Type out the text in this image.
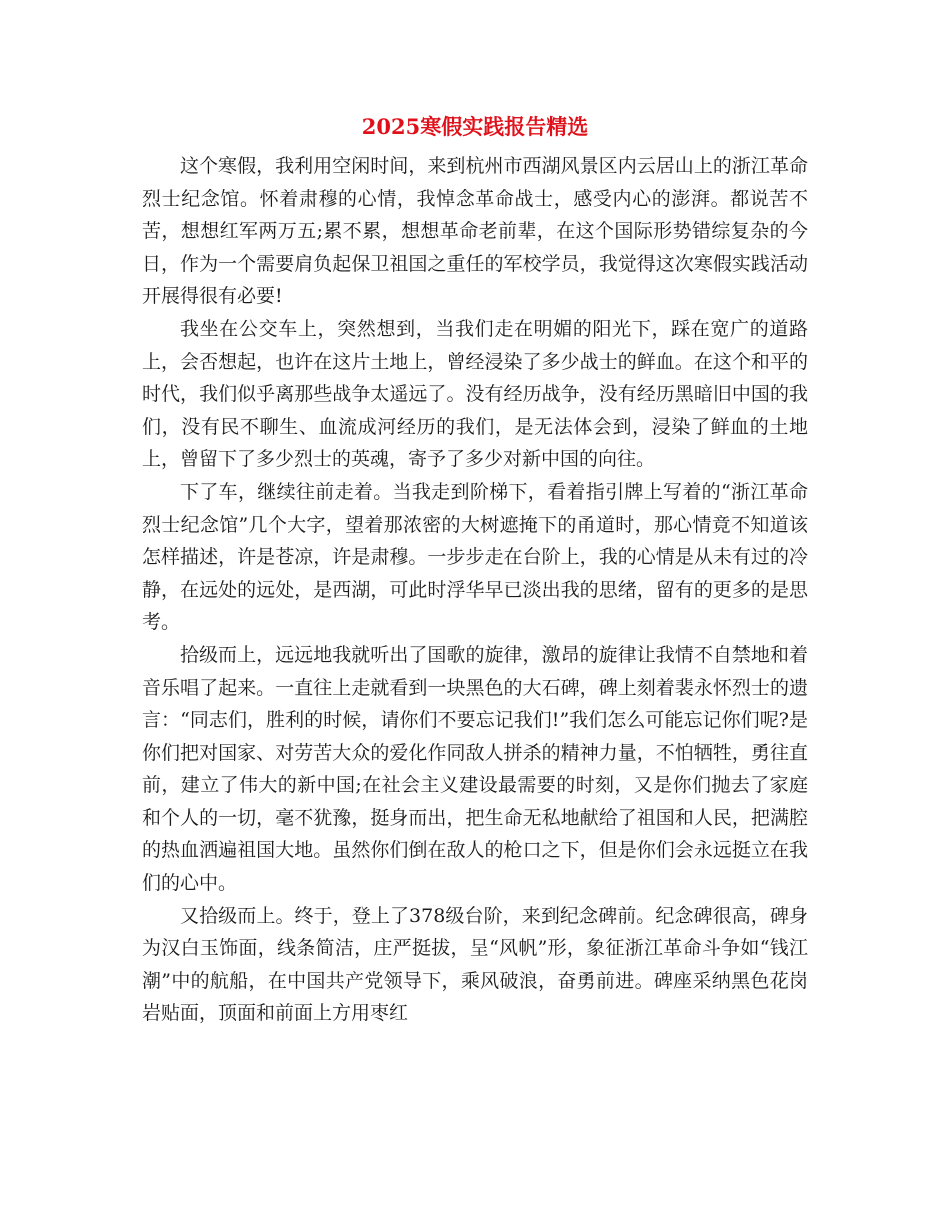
2025寒假实践报告精选

这个寒假，我利用空闲时间，来到杭州市西湖风景区内云居山上的浙江革命烈士纪念馆。怀着肃穆的心情，我悼念革命战士，感受内心的澎湃。都说苦不苦，想想红军两万五;累不累，想想革命老前辈，在这个国际形势错综复杂的今日，作为一个需要肩负起保卫祖国之重任的军校学员，我觉得这次寒假实践活动开展得很有必要!

我坐在公交车上，突然想到，当我们走在明媚的阳光下，踩在宽广的道路上，会否想起，也许在这片土地上，曾经浸染了多少战士的鲜血。在这个和平的时代，我们似乎离那些战争太遥远了。没有经历战争，没有经历黑暗旧中国的我们，没有民不聊生、血流成河经历的我们，是无法体会到，浸染了鲜血的土地上，曾留下了多少烈士的英魂，寄予了多少对新中国的向往。

下了车，继续往前走着。当我走到阶梯下，看着指引牌上写着的“浙江革命烈士纪念馆”几个大字，望着那浓密的大树遮掩下的甬道时，那心情竟不知道该怎样描述，许是苍凉，许是肃穆。一步步走在台阶上，我的心情是从未有过的冷静，在远处的远处，是西湖，可此时浮华早已淡出我的思绪，留有的更多的是思考。

拾级而上，远远地我就听出了国歌的旋律，激昂的旋律让我情不自禁地和着音乐唱了起来。一直往上走就看到一块黑色的大石碑，碑上刻着裴永怀烈士的遗言：“同志们，胜利的时候，请你们不要忘记我们!”我们怎么可能忘记你们呢?是你们把对国家、对劳苦大众的爱化作同敌人拼杀的精神力量，不怕牺牲，勇往直前，建立了伟大的新中国;在社会主义建设最需要的时刻，又是你们抛去了家庭和个人的一切，毫不犹豫，挺身而出，把生命无私地献给了祖国和人民，把满腔的热血洒遍祖国大地。虽然你们倒在敌人的枪口之下，但是你们会永远挺立在我们的心中。

又拾级而上。终于，登上了378级台阶，来到纪念碑前。纪念碑很高，碑身为汉白玉饰面，线条简洁，庄严挺拔，呈“风帆”形，象征浙江革命斗争如“钱江潮”中的航船，在中国共产党领导下，乘风破浪，奋勇前进。碑座采纳黑色花岗岩贴面，顶面和前面上方用枣红
